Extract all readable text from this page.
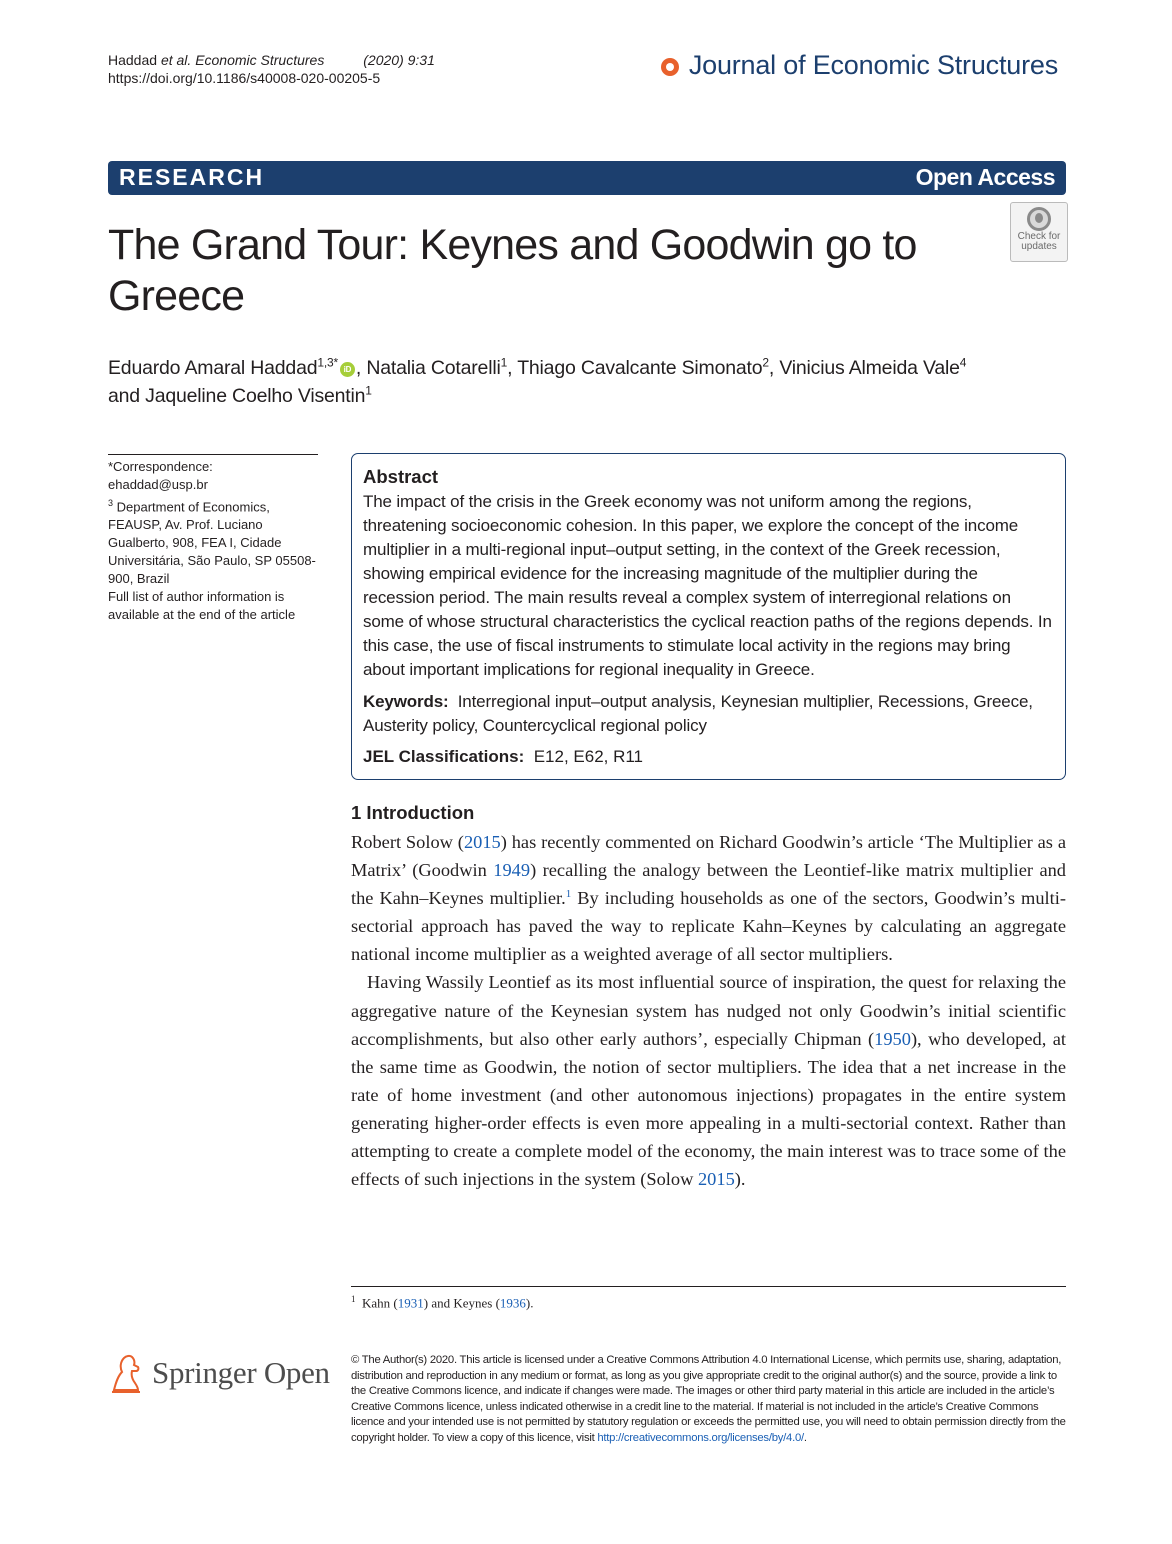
Haddad et al. Economic Structures	(2020) 9:31
https://doi.org/10.1186/s40008-020-00205-5	Journal of Economic Structures
RESEARCH	Open Access
The Grand Tour: Keynes and Goodwin go to Greece
Check for
updates
Eduardo Amaral Haddad$^{1,3*}$ iD , Natalia Cotarelli$^1$, Thiago Cavalcante Simonato$^2$, Vinicius Almeida Vale$^4$
and Jaqueline Coelho Visentin$^1$
*Correspondence:
ehaddad@usp.br
$^3$ Department of Economics, FEAUSP, Av. Prof. Luciano Gualberto, 908, FEA I, Cidade Universitária, São Paulo, SP 05508-900, Brazil
Full list of author information is available at the end of the article
Abstract
The impact of the crisis in the Greek economy was not uniform among the regions, threatening socioeconomic cohesion. In this paper, we explore the concept of the income multiplier in a multi-regional input–output setting, in the context of the Greek recession, showing empirical evidence for the increasing magnitude of the multiplier during the recession period. The main results reveal a complex system of interregional relations on some of whose structural characteristics the cyclical reaction paths of the regions depends. In this case, the use of fiscal instruments to stimulate local activity in the regions may bring about important implications for regional inequality in Greece.
Keywords: Interregional input–output analysis, Keynesian multiplier, Recessions, Greece, Austerity policy, Countercyclical regional policy
JEL Classifications: E12, E62, R11
1 Introduction

Robert Solow (2015) has recently commented on Richard Goodwin’s article ‘The Multiplier as a Matrix’ (Goodwin 1949) recalling the analogy between the Leontief-like matrix multiplier and the Kahn–Keynes multiplier.$^1$ By including households as one of the sectors, Goodwin’s multi-sectorial approach has paved the way to replicate Kahn–Keynes by calculating an aggregate national income multiplier as a weighted average of all sector multipliers.

Having Wassily Leontief as its most influential source of inspiration, the quest for relaxing the aggregative nature of the Keynesian system has nudged not only Goodwin’s initial scientific accomplishments, but also other early authors’, especially Chipman (1950), who developed, at the same time as Goodwin, the notion of sector multipliers. The idea that a net increase in the rate of home investment (and other autonomous injections) propagates in the entire system generating higher-order effects is even more appealing in a multi-sectorial context. Rather than attempting to create a complete model of the economy, the main interest was to trace some of the effects of such injections in the system (Solow 2015).

$^1$ Kahn (1931) and Keynes (1936).
Springer Open © The Author(s) 2020. This article is licensed under a Creative Commons Attribution 4.0 International License, which permits use, sharing, adaptation, distribution and reproduction in any medium or format, as long as you give appropriate credit to the original author(s) and the source, provide a link to the Creative Commons licence, and indicate if changes were made. The images or other third party material in this article are included in the article’s Creative Commons licence, unless indicated otherwise in a credit line to the material. If material is not included in the article’s Creative Commons licence and your intended use is not permitted by statutory regulation or exceeds the permitted use, you will need to obtain permission directly from the copyright holder. To view a copy of this licence, visit http://creativecommons.org/licenses/by/4.0/.
